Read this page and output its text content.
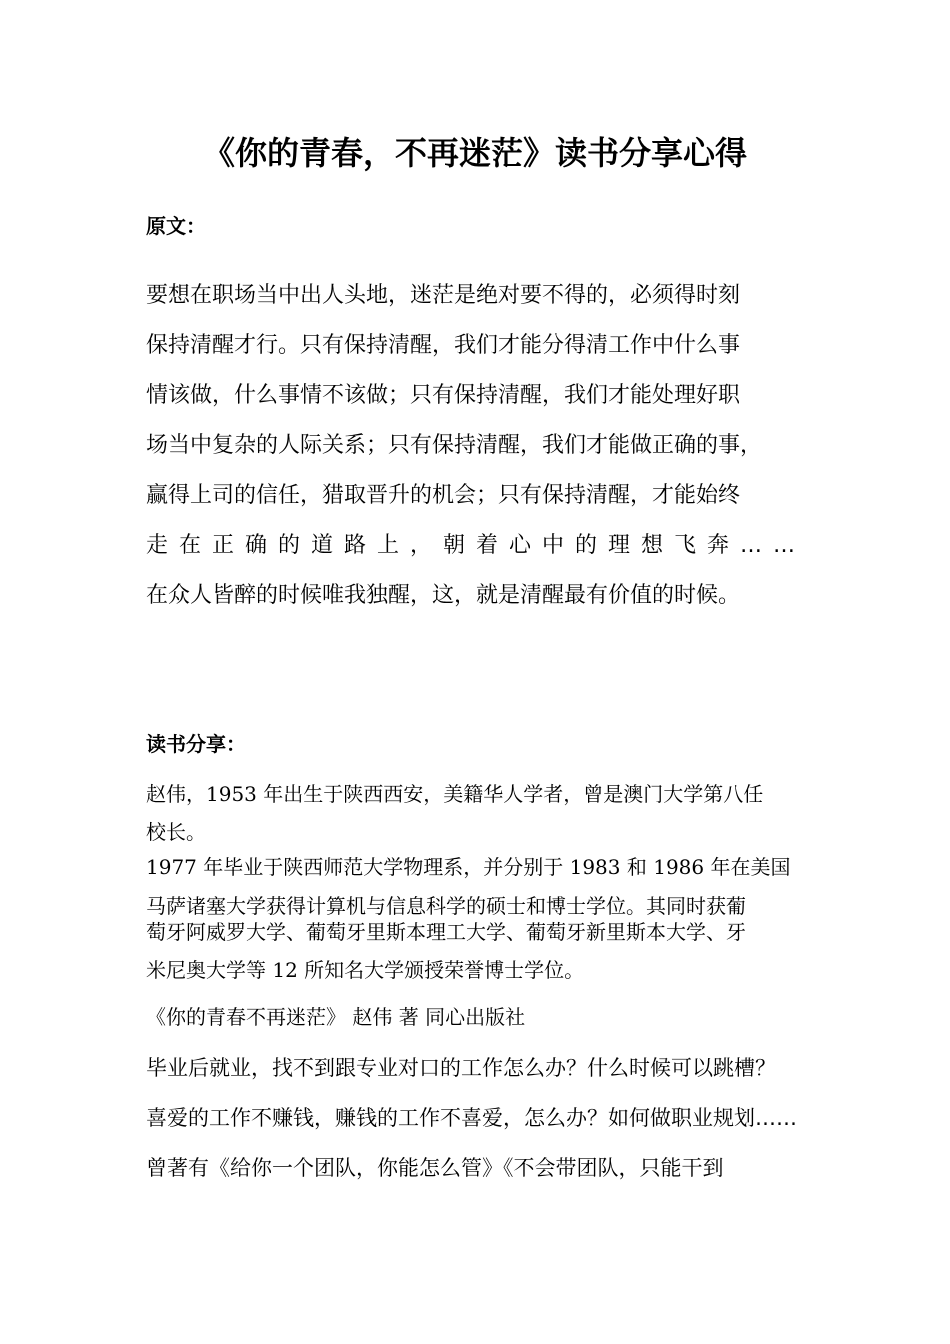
《你的青春，不再迷茫》读书分享心得
原文：
要想在职场当中出人头地，迷茫是绝对要不得的，必须得时刻
保持清醒才行。只有保持清醒，我们才能分得清工作中什么事
情该做，什么事情不该做；只有保持清醒，我们才能处理好职
场当中复杂的人际关系；只有保持清醒，我们才能做正确的事，
赢得上司的信任，猎取晋升的机会；只有保持清醒，才能始终
走在正确的道路上，朝着心中的理想飞奔……
在众人皆醉的时候唯我独醒，这，就是清醒最有价值的时候。
读书分享：
赵伟，1953 年出生于陕西西安，美籍华人学者，曾是澳门大学第八任
校长。
1977 年毕业于陕西师范大学物理系，并分别于 1983 和 1986 年在美国
马萨诸塞大学获得计算机与信息科学的硕士和博士学位。其同时获葡
萄牙阿威罗大学、葡萄牙里斯本理工大学、葡萄牙新里斯本大学、牙
米尼奥大学等 12 所知名大学颁授荣誉博士学位。
《你的青春不再迷茫》 赵伟 著 同心出版社
毕业后就业，找不到跟专业对口的工作怎么办？什么时候可以跳槽？
喜爱的工作不赚钱，赚钱的工作不喜爱，怎么办？如何做职业规划……
曾著有《给你一个团队，你能怎么管》《不会带团队，只能干到
